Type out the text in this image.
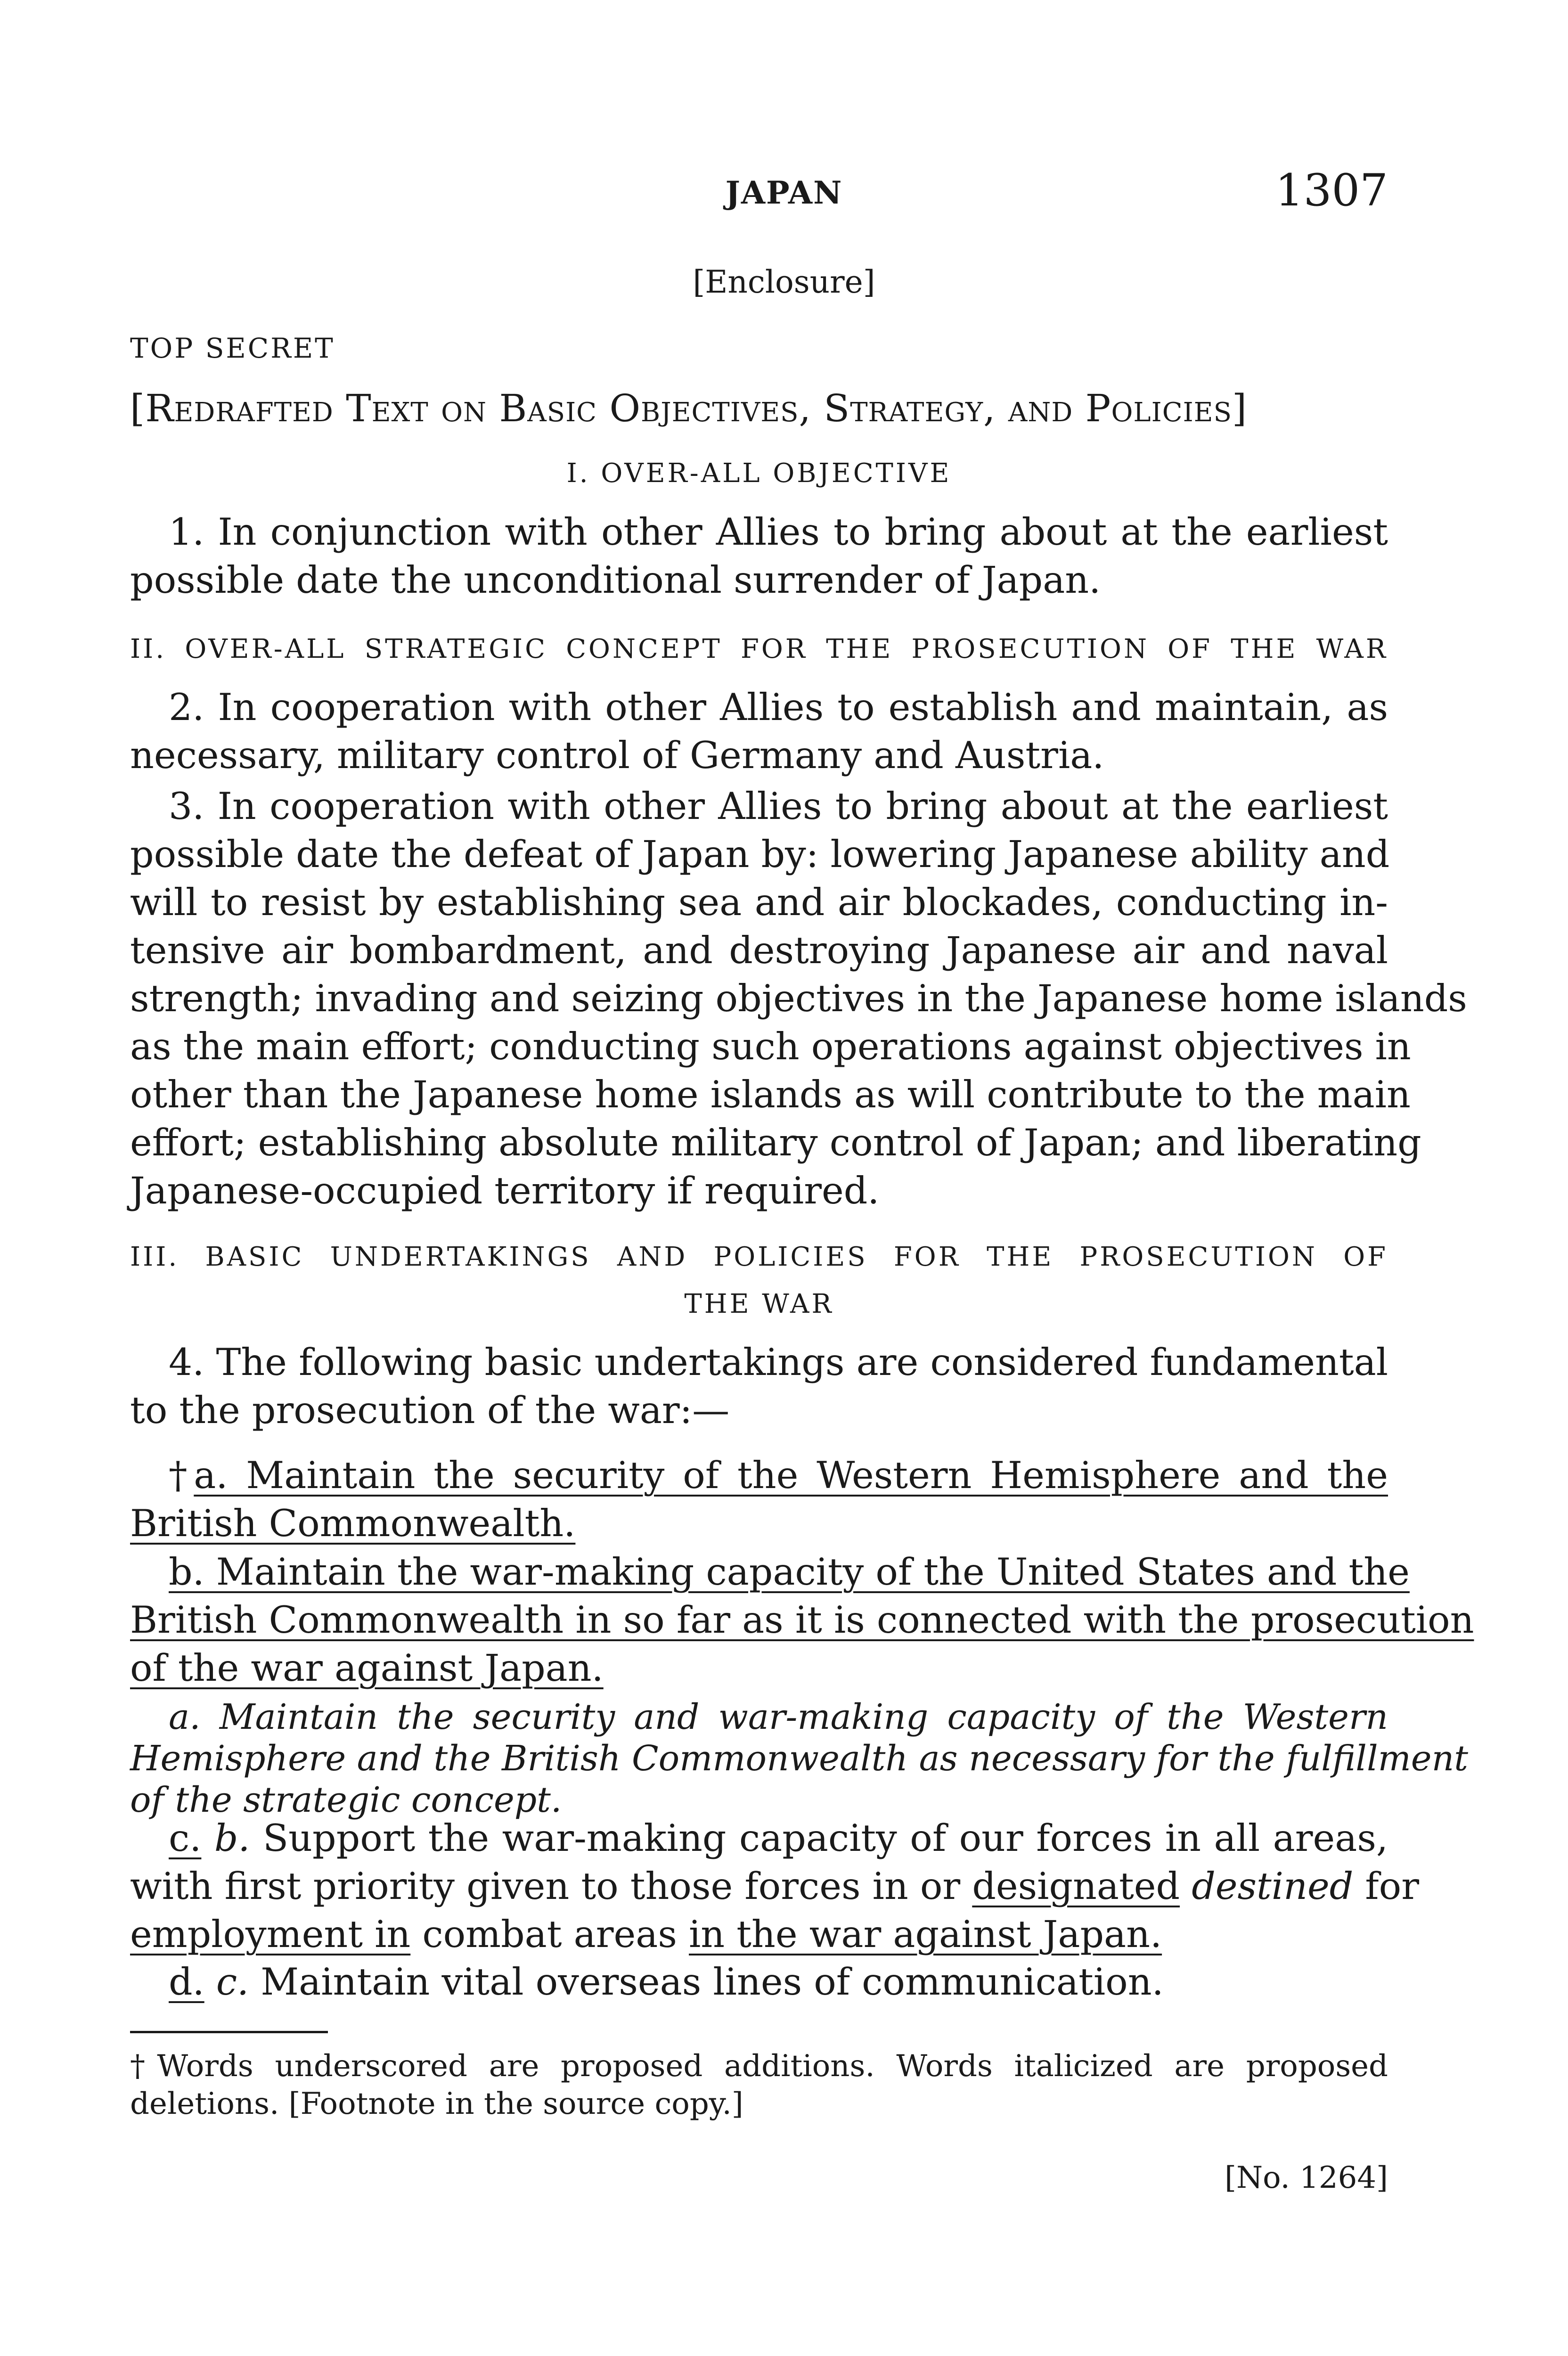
JAPAN	1307
[Enclosure]
TOP SECRET
[Redrafted Text on Basic Objectives, Strategy, and Policies]
I. OVER-ALL OBJECTIVE
1. In conjunction with other Allies to bring about at the earliest
possible date the unconditional surrender of Japan.
II. OVER-ALL STRATEGIC CONCEPT FOR THE PROSECUTION OF THE WAR
2. In cooperation with other Allies to establish and maintain, as
necessary, military control of Germany and Austria.
3. In cooperation with other Allies to bring about at the earliest
possible date the defeat of Japan by: lowering Japanese ability and
will to resist by establishing sea and air blockades, conducting in-
tensive air bombardment, and destroying Japanese air and naval
strength; invading and seizing objectives in the Japanese home islands
as the main effort; conducting such operations against objectives in
other than the Japanese home islands as will contribute to the main
effort; establishing absolute military control of Japan; and liberating
Japanese-occupied territory if required.
III. BASIC UNDERTAKINGS AND POLICIES FOR THE PROSECUTION OF
THE WAR
4. The following basic undertakings are considered fundamental
to the prosecution of the war:—
†a. Maintain the security of the Western Hemisphere and the
British Commonwealth.
b. Maintain the war-making capacity of the United States and the
British Commonwealth in so far as it is connected with the prosecution
of the war against Japan.
a. Maintain the security and war-making capacity of the Western
Hemisphere and the British Commonwealth as necessary for the fulfillment
of the strategic concept.
c. b. Support the war-making capacity of our forces in all areas,
with first priority given to those forces in or designated destined for
employment in combat areas in the war against Japan.
d. c. Maintain vital overseas lines of communication.
†Words underscored are proposed additions. Words italicized are proposed
deletions. [Footnote in the source copy.]
[No. 1264]
